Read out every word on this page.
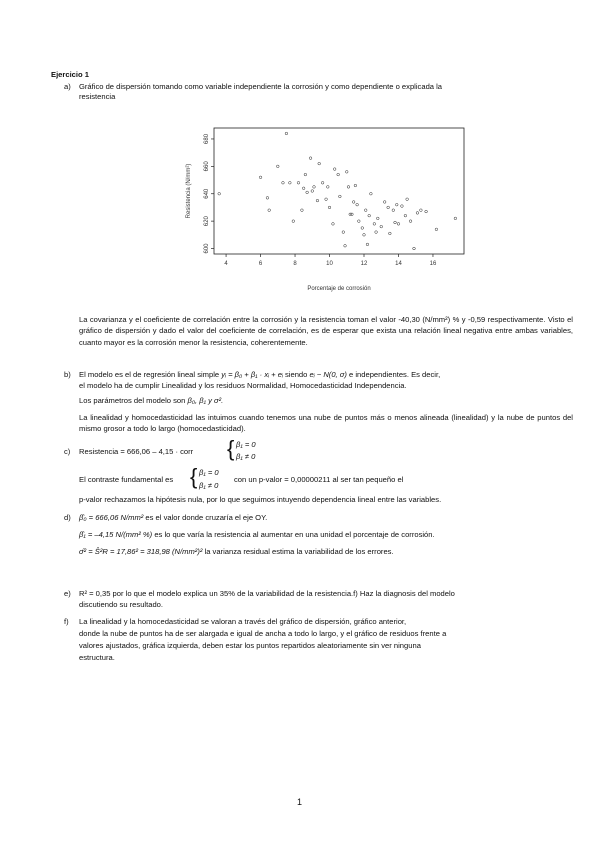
Ejercicio 1
a) Gráfico de dispersión tomando como variable independiente la corrosión y como dependiente o explicada la
resistencia
4	6	8	10	12	14	16
600
620
640
660
680
Porcentaje de corrosión
Resistencia (N/mm²)
La covarianza y el coeficiente de correlación entre la corrosión y la resistencia toman el valor -40,30 (N/mm²) % y -0,59 respectivamente. Visto el gráfico de dispersión y dado el valor del coeficiente de correlación, es de esperar que exista una relación lineal negativa entre ambas variables, cuanto mayor es la corrosión menor la resistencia, coherentemente.
b) El modelo es el de regresión lineal simple yᵢ = β₀ + β₁ · xᵢ + eᵢ siendo eᵢ ~ N(0, σ) e independientes. Es decir,
el modelo ha de cumplir Linealidad y los residuos Normalidad, Homocedasticidad Independencia.
Los parámetros del modelo son β₀, β₁ y σ².
La linealidad y homocedasticidad las intuimos cuando tenemos una nube de puntos más o menos alineada (linealidad) y la nube de puntos del mismo grosor a todo lo largo (homocedasticidad).
c) Resistencia = 666,06 – 4,15 · corr { β₁ = 0
β₁ ≠ 0
El contraste fundamental es { β₁ = 0
β₁ ≠ 0
con un p-valor = 0,00000211 al ser tan pequeño el
p-valor rechazamos la hipótesis nula, por lo que seguimos intuyendo dependencia lineal entre las variables.
d) β̂₀ = 666,06 N/mm² es el valor donde cruzaría el eje OY.
β̂₁ = –4,15 N/(mm² %) es lo que varía la resistencia al aumentar en una unidad el porcentaje de corrosión.
σ̂² = Ŝ²R = 17,86² = 318,98 (N/mm²)² la varianza residual estima la variabilidad de los errores.
e) R² = 0,35 por lo que el modelo explica un 35% de la variabilidad de la resistencia.f) Haz la diagnosis del modelo
discutiendo su resultado.
f) La linealidad y la homocedasticidad se valoran a través del gráfico de dispersión, gráfico anterior,
donde la nube de puntos ha de ser alargada e igual de ancha a todo lo largo, y el gráfico de residuos frente a
valores ajustados, gráfica izquierda, deben estar los puntos repartidos aleatoriamente sin ver ninguna
estructura.
1
